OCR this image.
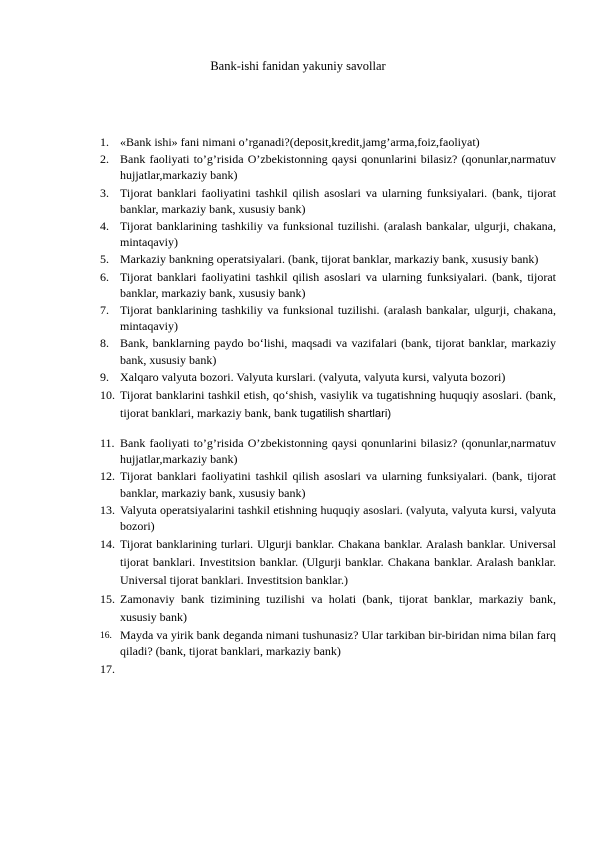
Bank-ishi fanidan yakuniy savollar
1. «Bank ishi» fani nimani o’rganadi?(deposit,kredit,jamg’arma,foiz,faoliyat)
2. Bank faoliyati to’g’risida O’zbekistonning qaysi qonunlarini bilasiz? (qonunlar,narmatuv hujjatlar,markaziy bank)
3. Tijorat banklari faoliyatini tashkil qilish asoslari va ularning funksiyalari. (bank, tijorat banklar, markaziy bank, xususiy bank)
4. Tijorat banklarining tashkiliy va funksional tuzilishi. (aralash bankalar, ulgurji, chakana, mintaqaviy)
5. Markaziy bankning operatsiyalari. (bank, tijorat banklar, markaziy bank, xususiy bank)
6. Tijorat banklari faoliyatini tashkil qilish asoslari va ularning funksiyalari. (bank, tijorat banklar, markaziy bank, xususiy bank)
7. Tijorat banklarining tashkiliy va funksional tuzilishi. (aralash bankalar, ulgurji, chakana, mintaqaviy)
8. Bank, banklarning paydo bo‘lishi, maqsadi va vazifalari (bank, tijorat banklar, markaziy bank, xususiy bank)
9. Xalqaro valyuta bozori. Valyuta kurslari. (valyuta, valyuta kursi, valyuta bozori)
10. Tijorat banklarini tashkil etish, qo‘shish, vasiylik va tugatishning huquqiy asoslari. (bank, tijorat banklari, markaziy bank, bank tugatilish shartlari)
11. Bank faoliyati to’g’risida O’zbekistonning qaysi qonunlarini bilasiz? (qonunlar,narmatuv hujjatlar,markaziy bank)
12. Tijorat banklari faoliyatini tashkil qilish asoslari va ularning funksiyalari. (bank, tijorat banklar, markaziy bank, xususiy bank)
13. Valyuta operatsiyalarini tashkil etishning huquqiy asoslari. (valyuta, valyuta kursi, valyuta bozori)
14. Tijorat banklarining turlari. Ulgurji banklar. Chakana banklar. Aralash banklar. Universal tijorat banklari. Investitsion banklar. (Ulgurji banklar. Chakana banklar. Aralash banklar. Universal tijorat banklari. Investitsion banklar.)
15. Zamonaviy bank tizimining tuzilishi va holati (bank, tijorat banklar, markaziy bank, xususiy bank)
16. Mayda va yirik bank deganda nimani tushunasiz? Ular tarkiban bir-biridan nima bilan farq qiladi? (bank, tijorat banklari, markaziy bank)
17.
